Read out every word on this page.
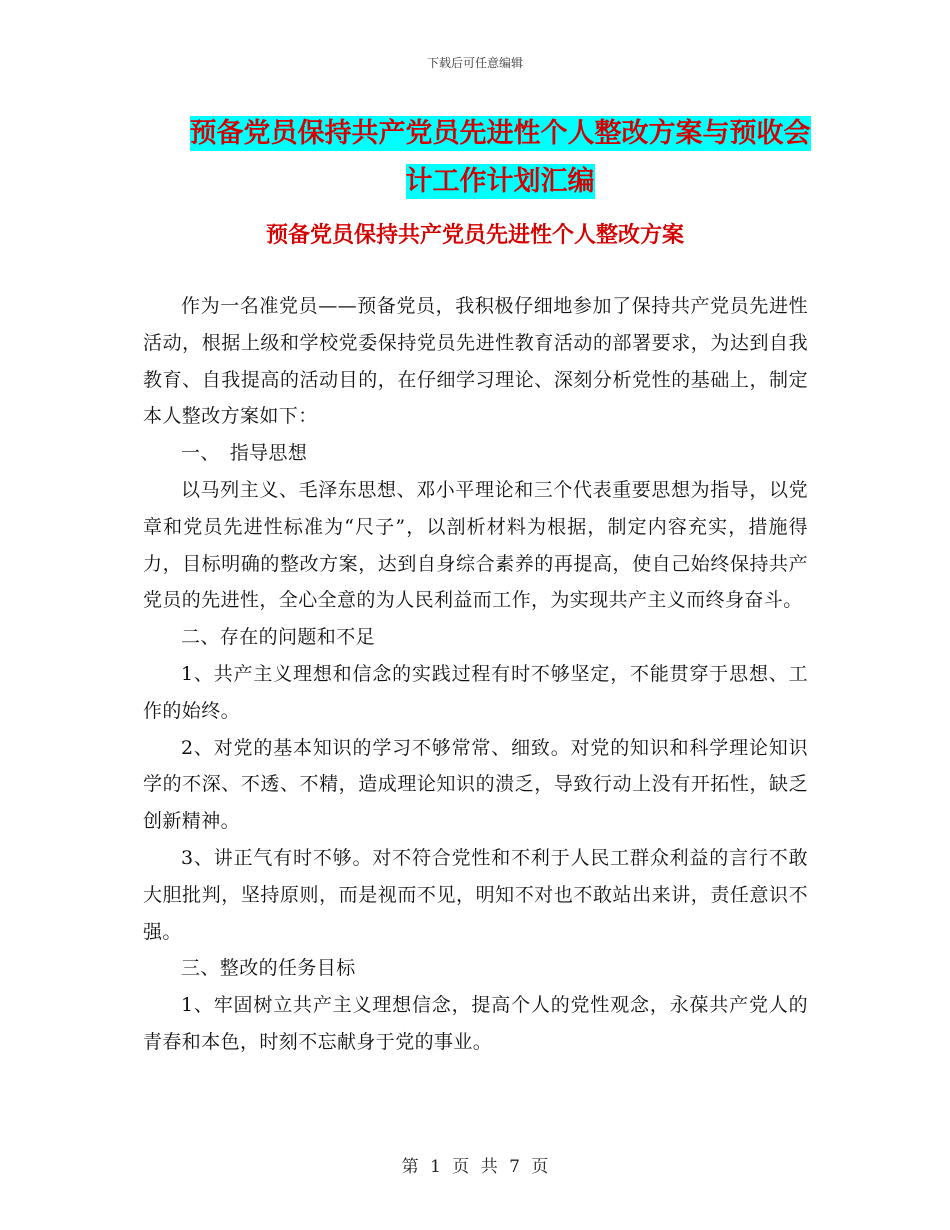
下载后可任意编辑
预备党员保持共产党员先进性个人整改方案与预收会计工作计划汇编
预备党员保持共产党员先进性个人整改方案

作为一名准党员——预备党员，我积极仔细地参加了保持共产党员先进性活动，根据上级和学校党委保持党员先进性教育活动的部署要求，为达到自我教育、自我提高的活动目的，在仔细学习理论、深刻分析党性的基础上，制定本人整改方案如下：

一、　指导思想

以马列主义、毛泽东思想、邓小平理论和三个代表重要思想为指导，以党章和党员先进性标准为“尺子”，以剖析材料为根据，制定内容充实，措施得力，目标明确的整改方案，达到自身综合素养的再提高，使自己始终保持共产党员的先进性，全心全意的为人民利益而工作，为实现共产主义而终身奋斗。

二、存在的问题和不足

1、共产主义理想和信念的实践过程有时不够坚定，不能贯穿于思想、工作的始终。

2、对党的基本知识的学习不够常常、细致。对党的知识和科学理论知识学的不深、不透、不精，造成理论知识的溃乏，导致行动上没有开拓性，缺乏创新精神。

3、讲正气有时不够。对不符合党性和不利于人民工群众利益的言行不敢大胆批判，坚持原则，而是视而不见，明知不对也不敢站出来讲，责任意识不强。

三、整改的任务目标

1、牢固树立共产主义理想信念，提高个人的党性观念，永葆共产党人的青春和本色，时刻不忘献身于党的事业。

第 1 页 共 7 页
